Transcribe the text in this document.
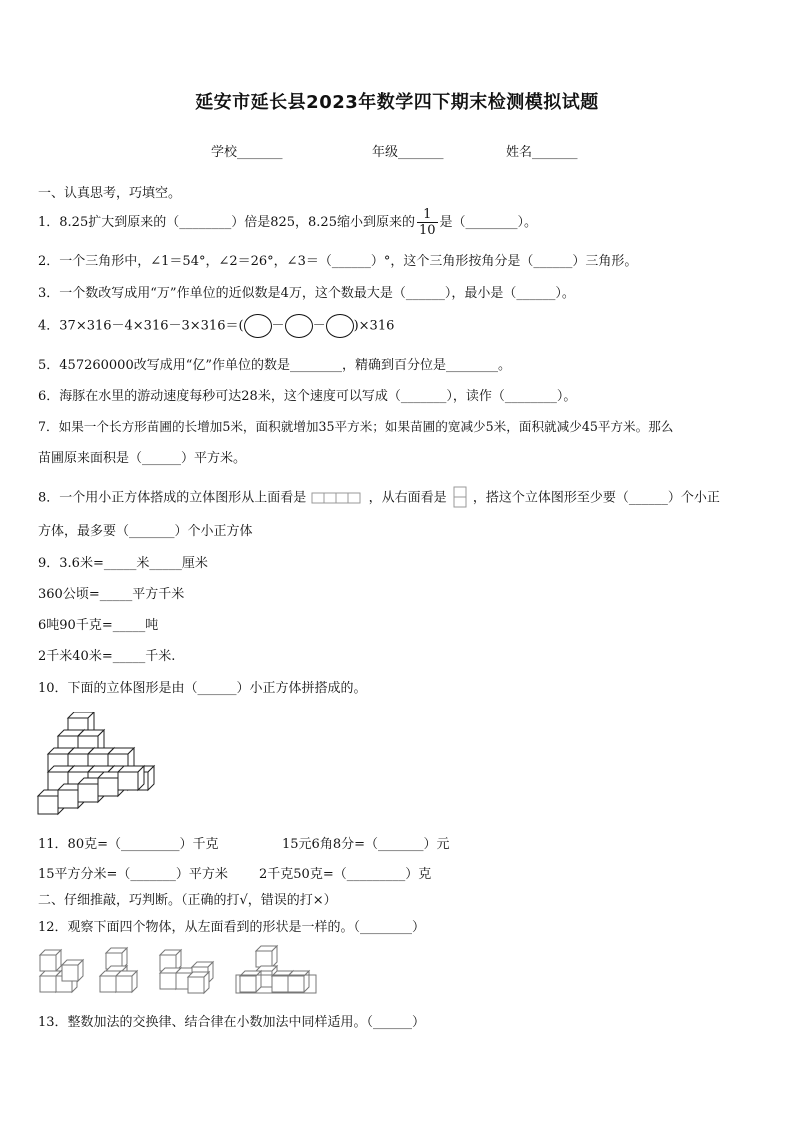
延安市延长县2023年数学四下期末检测模拟试题
学校_______	年级_______	姓名_______
一、认真思考，巧填空。
1．8.25扩大到原来的（________）倍是825，8.25缩小到原来的 $\frac{1}{10}$ 是（________）。
2．一个三角形中，∠1＝54°，∠2＝26°，∠3＝（______）°，这个三角形按角分是（______）三角形。
3．一个数改写成用“万”作单位的近似数是4万，这个数最大是（______），最小是（______）。
4．37×316－4×316－3×316＝( － － )×316
5．457260000改写成用“亿”作单位的数是________，精确到百分位是________。
6．海豚在水里的游动速度每秒可达28米，这个速度可以写成（_______），读作（________）。
7．如果一个长方形苗圃的长增加5米，面积就增加35平方米；如果苗圃的宽减少5米，面积就减少45平方米。那么
苗圃原来面积是（______）平方米。
8．一个用小正方体搭成的立体图形从上面看是	，从右面看是 ，搭这个立体图形至少要（______）个小正
方体，最多要（_______）个小正方体
9．3.6米=_____米_____厘米
360公顷=_____平方千米
6吨90千克=_____吨
2千米40米=_____千米.
10．下面的立体图形是由（______）小正方体拼搭成的。
11．80克=（_________）千克	15元6角8分=（_______）元
15平方分米=（_______）平方米 2千克50克=（_________）克
二、仔细推敲，巧判断。（正确的打√，错误的打×）
12．观察下面四个物体，从左面看到的形状是一样的。（________）
13．整数加法的交换律、结合律在小数加法中同样适用。（______）
